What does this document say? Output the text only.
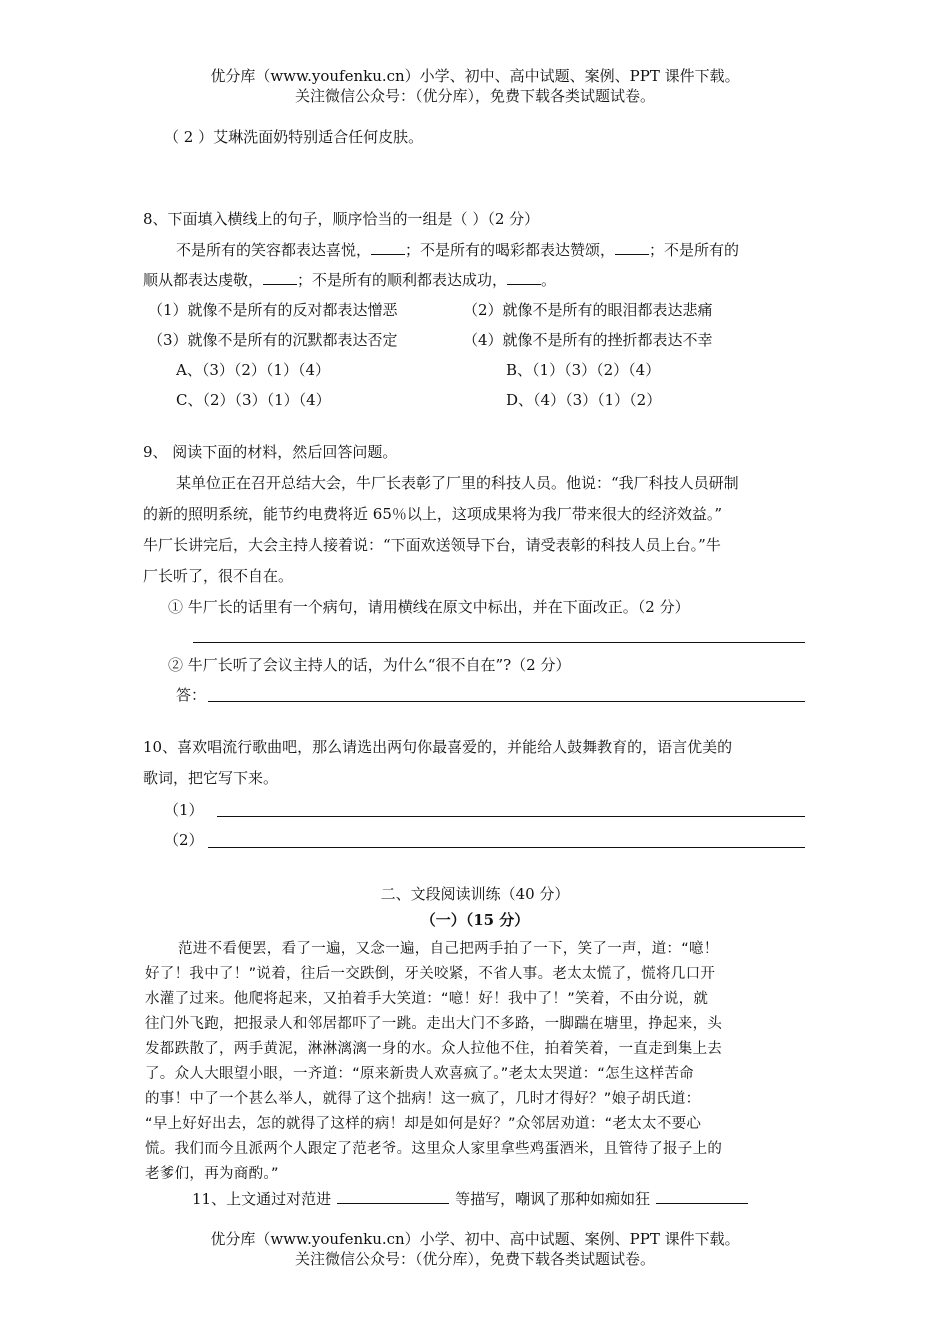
优分库（www.youfenku.cn）小学、初中、高中试题、案例、PPT 课件下载。
关注微信公众号：（优分库），免费下载各类试题试卷。
（ 2 ）艾琳洗面奶特别适合任何皮肤。
8、下面填入横线上的句子，顺序恰当的一组是（ ）（2 分）
不是所有的笑容都表达喜悦， ；不是所有的喝彩都表达赞颂， ；不是所有的
顺从都表达虔敬， ；不是所有的顺利都表达成功， 。
（1）就像不是所有的反对都表达憎恶	（2）就像不是所有的眼泪都表达悲痛
（3）就像不是所有的沉默都表达否定	（4）就像不是所有的挫折都表达不幸
A、（3）（2）（1）（4）	B、（1）（3）（2）（4）
C、（2）（3）（1）（4）	D、（4）（3）（1）（2）
9、 阅读下面的材料，然后回答问题。
某单位正在召开总结大会，牛厂长表彰了厂里的科技人员。他说：“我厂科技人员研制
的新的照明系统，能节约电费将近 65％以上，这项成果将为我厂带来很大的经济效益。”
牛厂长讲完后，大会主持人接着说：“下面欢送领导下台，请受表彰的科技人员上台。”牛
厂长听了，很不自在。
① 牛厂长的话里有一个病句，请用横线在原文中标出，并在下面改正。（2 分）
② 牛厂长听了会议主持人的话，为什么“很不自在”?（2 分）
答：
10、喜欢唱流行歌曲吧，那么请选出两句你最喜爱的，并能给人鼓舞教育的，语言优美的
歌词，把它写下来。
（1）
（2）
二、文段阅读训练（40 分）
（一）（15 分）
范进不看便罢，看了一遍，又念一遍，自己把两手拍了一下，笑了一声，道：“噫！
好了！我中了！”说着，往后一交跌倒，牙关咬紧，不省人事。老太太慌了，慌将几口开
水灌了过来。他爬将起来，又拍着手大笑道：“噫！好！我中了！”笑着，不由分说，就
往门外飞跑，把报录人和邻居都吓了一跳。走出大门不多路，一脚踹在塘里，挣起来，头
发都跌散了，两手黄泥，淋淋漓漓一身的水。众人拉他不住，拍着笑着，一直走到集上去
了。众人大眼望小眼，一齐道：“原来新贵人欢喜疯了。”老太太哭道：“怎生这样苦命
的事！中了一个甚么举人，就得了这个拙病！这一疯了，几时才得好？”娘子胡氏道：
“早上好好出去，怎的就得了这样的病！却是如何是好？”众邻居劝道：“老太太不要心
慌。我们而今且派两个人跟定了范老爷。这里众人家里拿些鸡蛋酒米，且管待了报子上的
老爹们，再为商酌。”
11、上文通过对范进	等描写，嘲讽了那种如痴如狂
优分库（www.youfenku.cn）小学、初中、高中试题、案例、PPT 课件下载。
关注微信公众号：（优分库），免费下载各类试题试卷。
